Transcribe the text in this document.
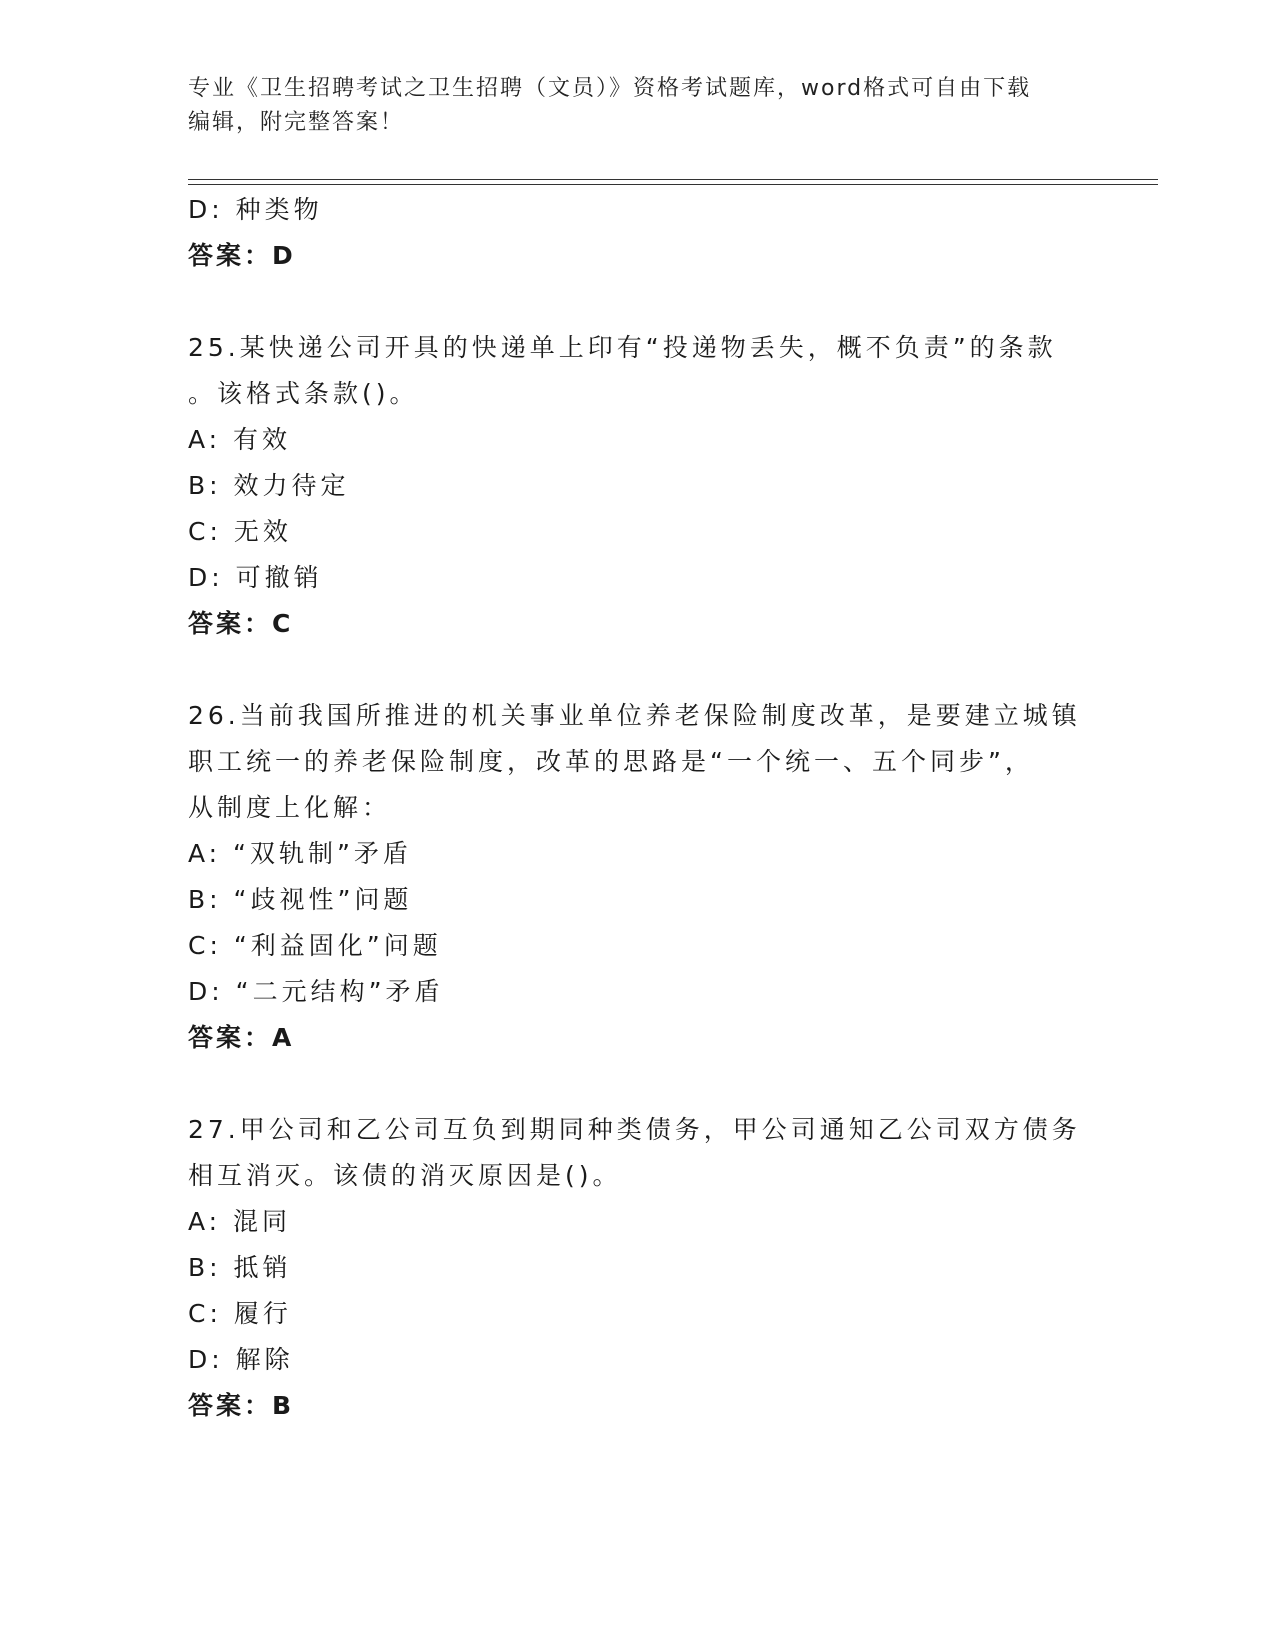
专业《卫生招聘考试之卫生招聘（文员）》资格考试题库，word格式可自由下载
编辑，附完整答案！
D: 种类物
答案：D
25.某快递公司开具的快递单上印有“投递物丢失，概不负责”的条款
。该格式条款()。
A: 有效
B: 效力待定
C: 无效
D: 可撤销
答案：C
26.当前我国所推进的机关事业单位养老保险制度改革，是要建立城镇
职工统一的养老保险制度，改革的思路是“一个统一、五个同步”，
从制度上化解：
A: “双轨制”矛盾
B: “歧视性”问题
C: “利益固化”问题
D: “二元结构”矛盾
答案：A
27.甲公司和乙公司互负到期同种类债务，甲公司通知乙公司双方债务
相互消灭。该债的消灭原因是()。
A: 混同
B: 抵销
C: 履行
D: 解除
答案：B
